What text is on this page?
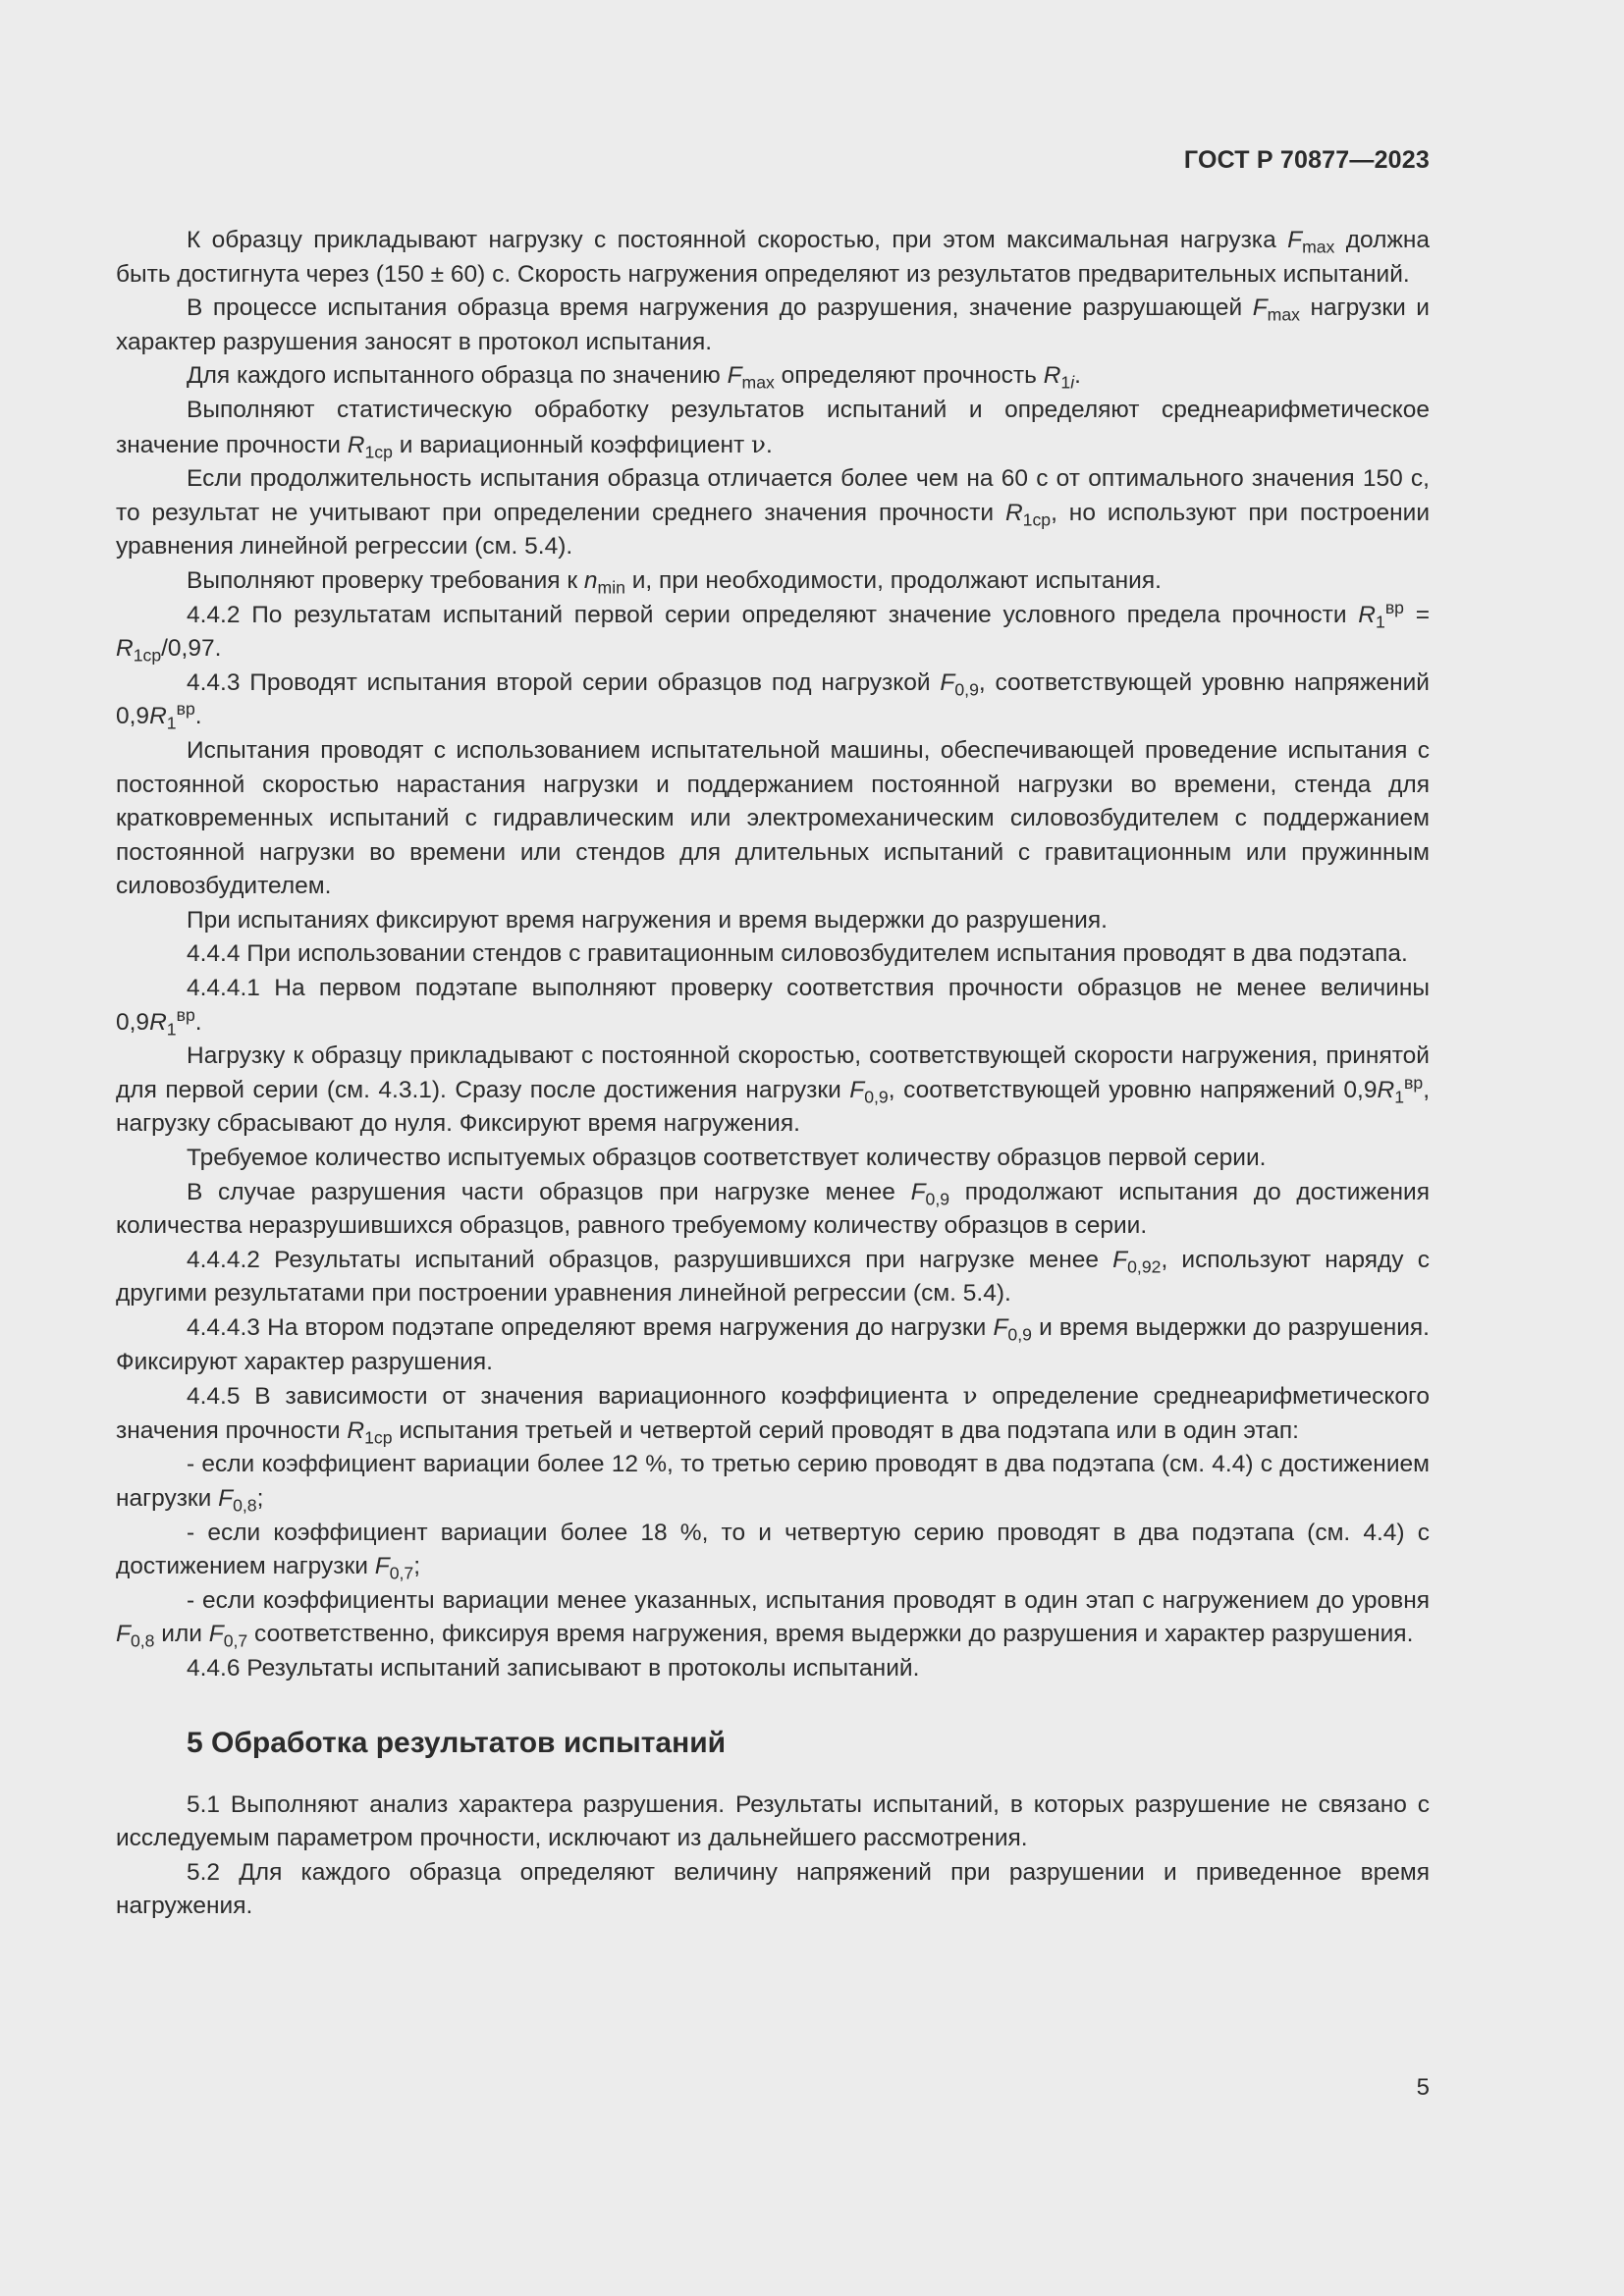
ГОСТ Р 70877—2023

К образцу прикладывают нагрузку с постоянной скоростью, при этом максимальная нагрузка $F_{max}$ должна быть достигнута через (150 ± 60) с. Скорость нагружения определяют из результатов предварительных испытаний.

В процессе испытания образца время нагружения до разрушения, значение разрушающей $F_{max}$ нагрузки и характер разрушения заносят в протокол испытания.

Для каждого испытанного образца по значению $F_{max}$ определяют прочность $R_{1i}$.

Выполняют статистическую обработку результатов испытаний и определяют среднеарифметическое значение прочности $R_{1ср}$ и вариационный коэффициент ν.

Если продолжительность испытания образца отличается более чем на 60 с от оптимального значения 150 с, то результат не учитывают при определении среднего значения прочности $R_{1ср}$, но используют при построении уравнения линейной регрессии (см. 5.4).

Выполняют проверку требования к $n_{min}$ и, при необходимости, продолжают испытания.

4.4.2 По результатам испытаний первой серии определяют значение условного предела прочности $R_1^{вр} = R_{1ср}/0,97$.

4.4.3 Проводят испытания второй серии образцов под нагрузкой $F_{0,9}$, соответствующей уровню напряжений $0,9R_1^{вр}$.

Испытания проводят с использованием испытательной машины, обеспечивающей проведение испытания с постоянной скоростью нарастания нагрузки и поддержанием постоянной нагрузки во времени, стенда для кратковременных испытаний с гидравлическим или электромеханическим силовозбудителем с поддержанием постоянной нагрузки во времени или стендов для длительных испытаний с гравитационным или пружинным силовозбудителем.

При испытаниях фиксируют время нагружения и время выдержки до разрушения.

4.4.4 При использовании стендов с гравитационным силовозбудителем испытания проводят в два подэтапа.

4.4.4.1 На первом подэтапе выполняют проверку соответствия прочности образцов не менее величины $0,9R_1^{вр}$.

Нагрузку к образцу прикладывают с постоянной скоростью, соответствующей скорости нагружения, принятой для первой серии (см. 4.3.1). Сразу после достижения нагрузки $F_{0,9}$, соответствующей уровню напряжений $0,9R_1^{вр}$, нагрузку сбрасывают до нуля. Фиксируют время нагружения.

Требуемое количество испытуемых образцов соответствует количеству образцов первой серии.

В случае разрушения части образцов при нагрузке менее $F_{0,9}$ продолжают испытания до достижения количества неразрушившихся образцов, равного требуемому количеству образцов в серии.

4.4.4.2 Результаты испытаний образцов, разрушившихся при нагрузке менее $F_{0,92}$, используют наряду с другими результатами при построении уравнения линейной регрессии (см. 5.4).

4.4.4.3 На втором подэтапе определяют время нагружения до нагрузки $F_{0,9}$ и время выдержки до разрушения. Фиксируют характер разрушения.

4.4.5 В зависимости от значения вариационного коэффициента ν определение среднеарифметического значения прочности $R_{1ср}$ испытания третьей и четвертой серий проводят в два подэтапа или в один этап:

- если коэффициент вариации более 12 %, то третью серию проводят в два подэтапа (см. 4.4) с достижением нагрузки $F_{0,8}$;

- если коэффициент вариации более 18 %, то и четвертую серию проводят в два подэтапа (см. 4.4) с достижением нагрузки $F_{0,7}$;

- если коэффициенты вариации менее указанных, испытания проводят в один этап с нагружением до уровня $F_{0,8}$ или $F_{0,7}$ соответственно, фиксируя время нагружения, время выдержки до разрушения и характер разрушения.

4.4.6 Результаты испытаний записывают в протоколы испытаний.

5 Обработка результатов испытаний

5.1 Выполняют анализ характера разрушения. Результаты испытаний, в которых разрушение не связано с исследуемым параметром прочности, исключают из дальнейшего рассмотрения.

5.2 Для каждого образца определяют величину напряжений при разрушении и приведенное время нагружения.

5
